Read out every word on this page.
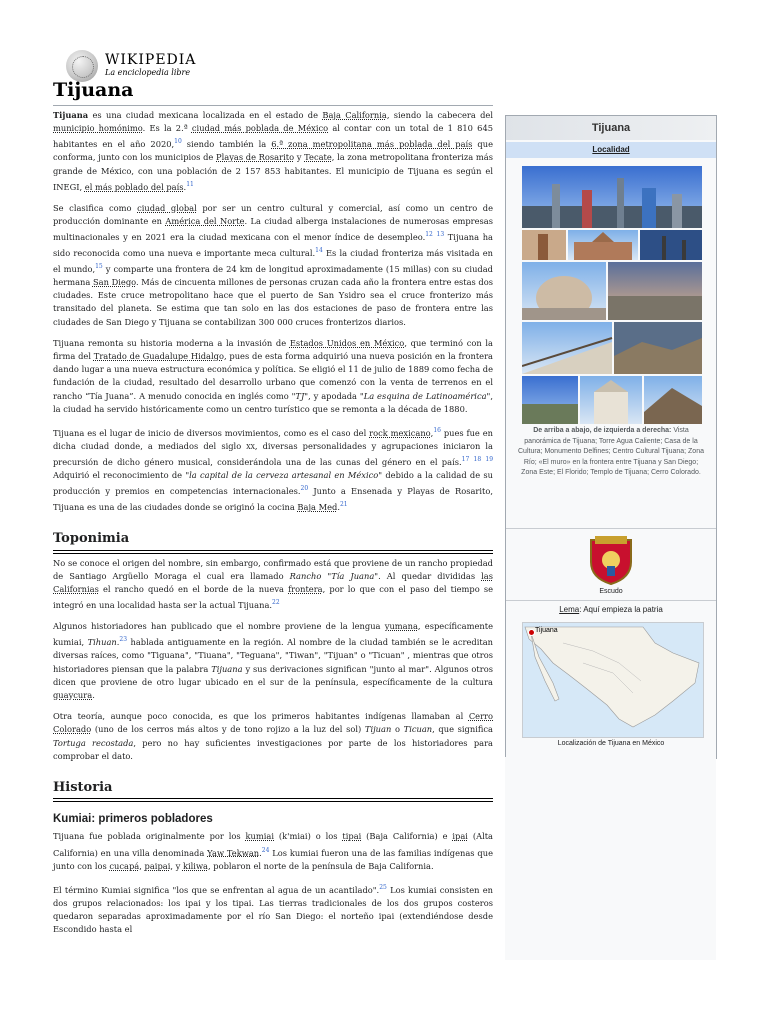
WIKIPEDIA
La enciclopedia libre
Tijuana

Tijuana es una ciudad mexicana localizada en el estado de Baja California, siendo la cabecera del municipio homónimo. Es la 2.ª ciudad más poblada de México al contar con un total de 1 810 645 habitantes en el año 2020,10 siendo también la 6.ª zona metropolitana más poblada del país que conforma, junto con los municipios de Playas de Rosarito y Tecate, la zona metropolitana fronteriza más grande de México, con una población de 2 157 853 habitantes. El municipio de Tijuana es según el INEGI, el más poblado del país.$^{11}$

Se clasifica como ciudad global por ser un centro cultural y comercial, así como un centro de producción dominante en América del Norte. La ciudad alberga instalaciones de numerosas empresas multinacionales y en 2021 era la ciudad mexicana con el menor índice de desempleo.$^{12}$ $^{13}$ Tijuana ha sido reconocida como una nueva e importante meca cultural.$^{14}$ Es la ciudad fronteriza más visitada en el mundo,$^{15}$ y comparte una frontera de 24 km de longitud aproximadamente (15 millas) con su ciudad hermana San Diego. Más de cincuenta millones de personas cruzan cada año la frontera entre estas dos ciudades. Este cruce metropolitano hace que el puerto de San Ysidro sea el cruce fronterizo más transitado del planeta. Se estima que tan solo en las dos estaciones de paso de frontera entre las ciudades de San Diego y Tijuana se contabilizan 300 000 cruces fronterizos diarios.

Tijuana remonta su historia moderna a la invasión de Estados Unidos en México, que terminó con la firma del Tratado de Guadalupe Hidalgo, pues de esta forma adquirió una nueva posición en la frontera dando lugar a una nueva estructura económica y política. Se eligió el 11 de julio de 1889 como fecha de fundación de la ciudad, resultado del desarrollo urbano que comenzó con la venta de terrenos en el rancho “Tía Juana”. A menudo conocida en inglés como "TJ", y apodada "La esquina de Latinoamérica", la ciudad ha servido históricamente como un centro turístico que se remonta a la década de 1880.

Tijuana es el lugar de inicio de diversos movimientos, como es el caso del rock mexicano,$^{16}$ pues fue en dicha ciudad donde, a mediados del siglo xx, diversas personalidades y agrupaciones iniciaron la precursión de dicho género musical, considerándola una de las cunas del género en el país.$^{17}$ $^{18}$ $^{19}$ Adquirió el reconocimiento de "la capital de la cerveza artesanal en México" debido a la calidad de su producción y premios en competencias internacionales.$^{20}$ Junto a Ensenada y Playas de Rosarito, Tijuana es una de las ciudades donde se originó la cocina Baja Med.$^{21}$

Toponimia

No se conoce el origen del nombre, sin embargo, confirmado está que proviene de un rancho propiedad de Santiago Argüello Moraga el cual era llamado Rancho "Tía Juana". Al quedar divididas las Californias el rancho quedó en el borde de la nueva frontera, por lo que con el paso del tiempo se integró en una localidad hasta ser la actual Tijuana.$^{22}$

Algunos historiadores han publicado que el nombre proviene de la lengua yumana, específicamente kumiai, Tihuan.$^{23}$ hablada antiguamente en la región. Al nombre de la ciudad también se le acreditan diversas raíces, como "Tiguana", "Tiuana", "Teguana", "Tiwan", "Tijuan" o "Ticuan" , mientras que otros historiadores piensan que la palabra Tijuana y sus derivaciones significan "junto al mar". Algunos otros dicen que proviene de otro lugar ubicado en el sur de la península, específicamente de la cultura guaycura.

Otra teoría, aunque poco conocida, es que los primeros habitantes indígenas llamaban al Cerro Colorado (uno de los cerros más altos y de tono rojizo a la luz del sol) Tijuan o Ticuan, que significa Tortuga recostada, pero no hay suficientes investigaciones por parte de los historiadores para comprobar el dato.

Historia
Kumiai: primeros pobladores

Tijuana fue poblada originalmente por los kumiai (k'miai) o los tipai (Baja California) e ipai (Alta California) en una villa denominada Yaw Tekwan.$^{24}$ Los kumiai fueron una de las familias indígenas que junto con los cucapá, paipai, y kiliwa, poblaron el norte de la península de Baja California.

El término Kumiai significa "los que se enfrentan al agua de un acantilado".$^{25}$ Los kumiai consisten en dos grupos relacionados: los ipai y los tipai. Las tierras tradicionales de los dos grupos costeros quedaron separadas aproximadamente por el río San Diego: el norteño ipai (extendiéndose desde Escondido hasta el

Tijuana
Localidad
De arriba a abajo, de izquierda a derecha: Vista panorámica de Tijuana; Torre Agua Caliente; Casa de la Cultura; Monumento Delfines; Centro Cultural Tijuana; Zona Río; «El muro» en la frontera entre Tijuana y San Diego; Zona Este; El Florido; Templo de Tijuana; Cerro Colorado.
Escudo
Lema: Aquí empieza la patria
Tijuana
Localización de Tijuana en México
